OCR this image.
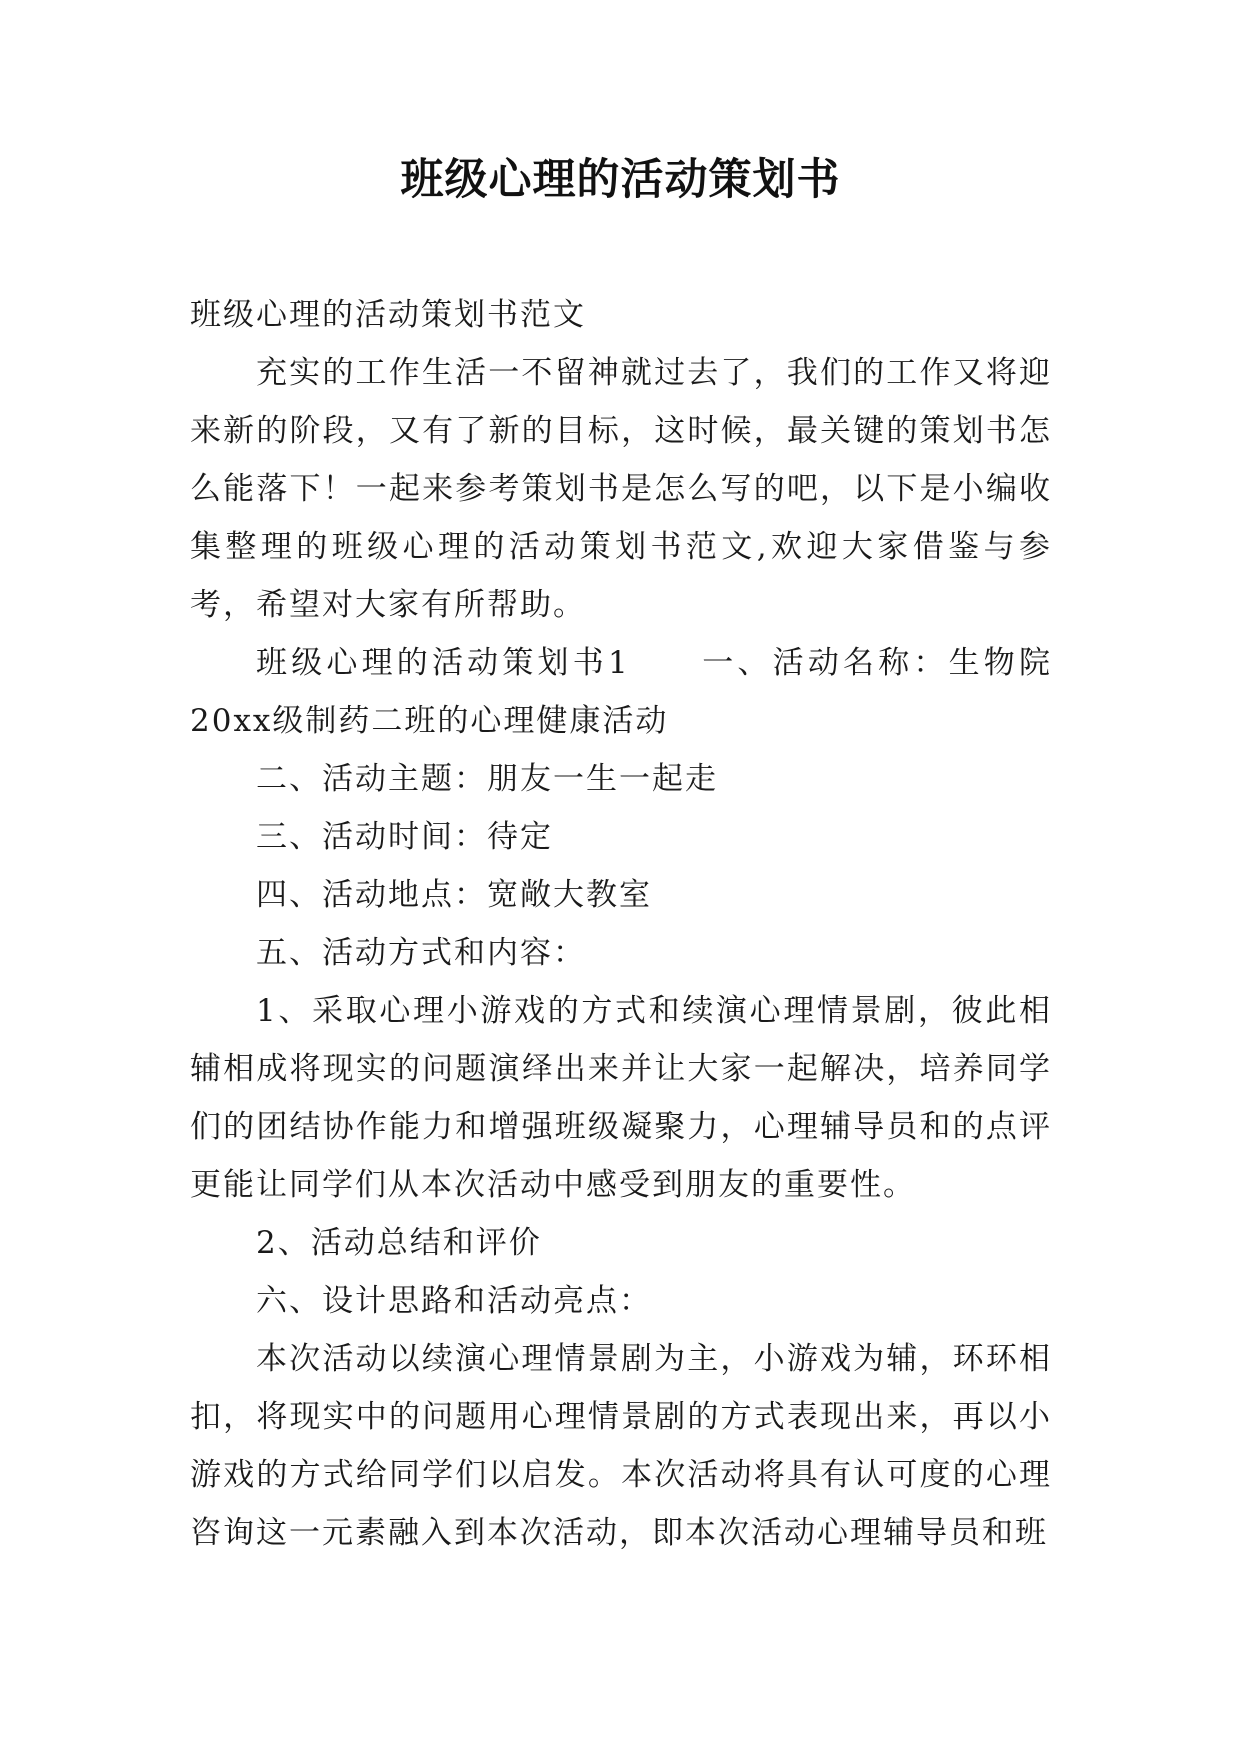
班级心理的活动策划书

班级心理的活动策划书范文

充实的工作生活一不留神就过去了，我们的工作又将迎来新的阶段，又有了新的目标，这时候，最关键的策划书怎么能落下！一起来参考策划书是怎么写的吧，以下是小编收集整理的班级心理的活动策划书范文,欢迎大家借鉴与参考，希望对大家有所帮助。

班级心理的活动策划书1　　一、活动名称：生物院20xx级制药二班的心理健康活动

二、活动主题：朋友一生一起走

三、活动时间：待定

四、活动地点：宽敞大教室

五、活动方式和内容：

1、采取心理小游戏的方式和续演心理情景剧，彼此相辅相成将现实的问题演绎出来并让大家一起解决，培养同学们的团结协作能力和增强班级凝聚力，心理辅导员和的点评更能让同学们从本次活动中感受到朋友的重要性。

2、活动总结和评价

六、设计思路和活动亮点：

本次活动以续演心理情景剧为主，小游戏为辅，环环相扣，将现实中的问题用心理情景剧的方式表现出来，再以小游戏的方式给同学们以启发。本次活动将具有认可度的心理咨询这一元素融入到本次活动，即本次活动心理辅导员和班
